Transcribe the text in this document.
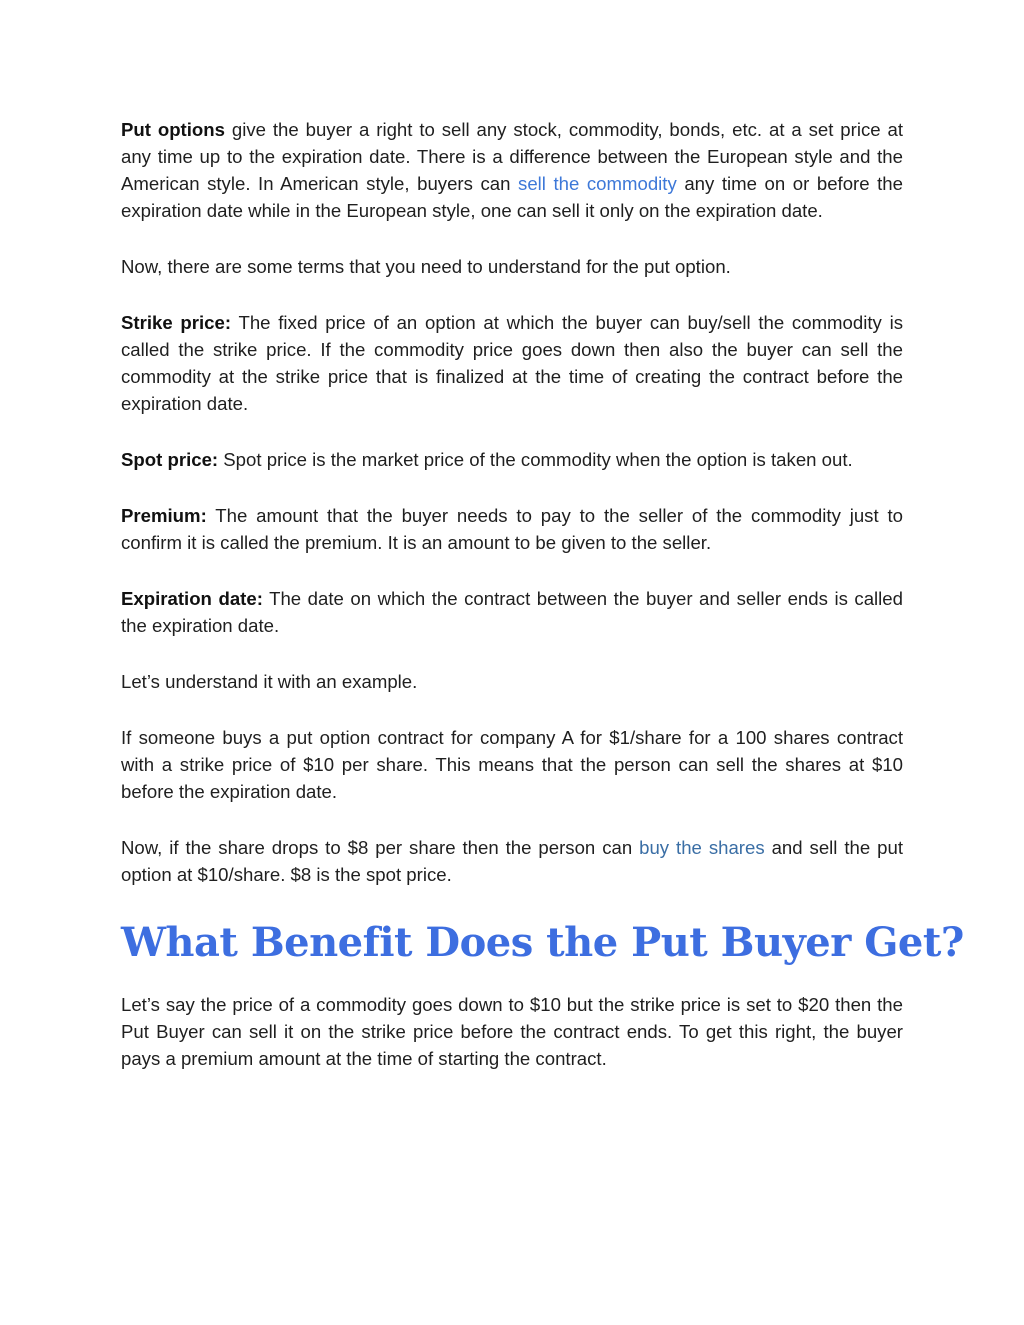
Put options give the buyer a right to sell any stock, commodity, bonds, etc. at a set price at any time up to the expiration date. There is a difference between the European style and the American style. In American style, buyers can sell the commodity any time on or before the expiration date while in the European style, one can sell it only on the expiration date.

Now, there are some terms that you need to understand for the put option.

Strike price: The fixed price of an option at which the buyer can buy/sell the commodity is called the strike price. If the commodity price goes down then also the buyer can sell the commodity at the strike price that is finalized at the time of creating the contract before the expiration date.

Spot price: Spot price is the market price of the commodity when the option is taken out.

Premium: The amount that the buyer needs to pay to the seller of the commodity just to confirm it is called the premium. It is an amount to be given to the seller.

Expiration date: The date on which the contract between the buyer and seller ends is called the expiration date.

Let’s understand it with an example.

If someone buys a put option contract for company A for $1/share for a 100 shares contract with a strike price of $10 per share. This means that the person can sell the shares at $10 before the expiration date.

Now, if the share drops to $8 per share then the person can buy the shares and sell the put option at $10/share. $8 is the spot price.

What Benefit Does the Put Buyer Get?

Let’s say the price of a commodity goes down to $10 but the strike price is set to $20 then the Put Buyer can sell it on the strike price before the contract ends. To get this right, the buyer pays a premium amount at the time of starting the contract.
